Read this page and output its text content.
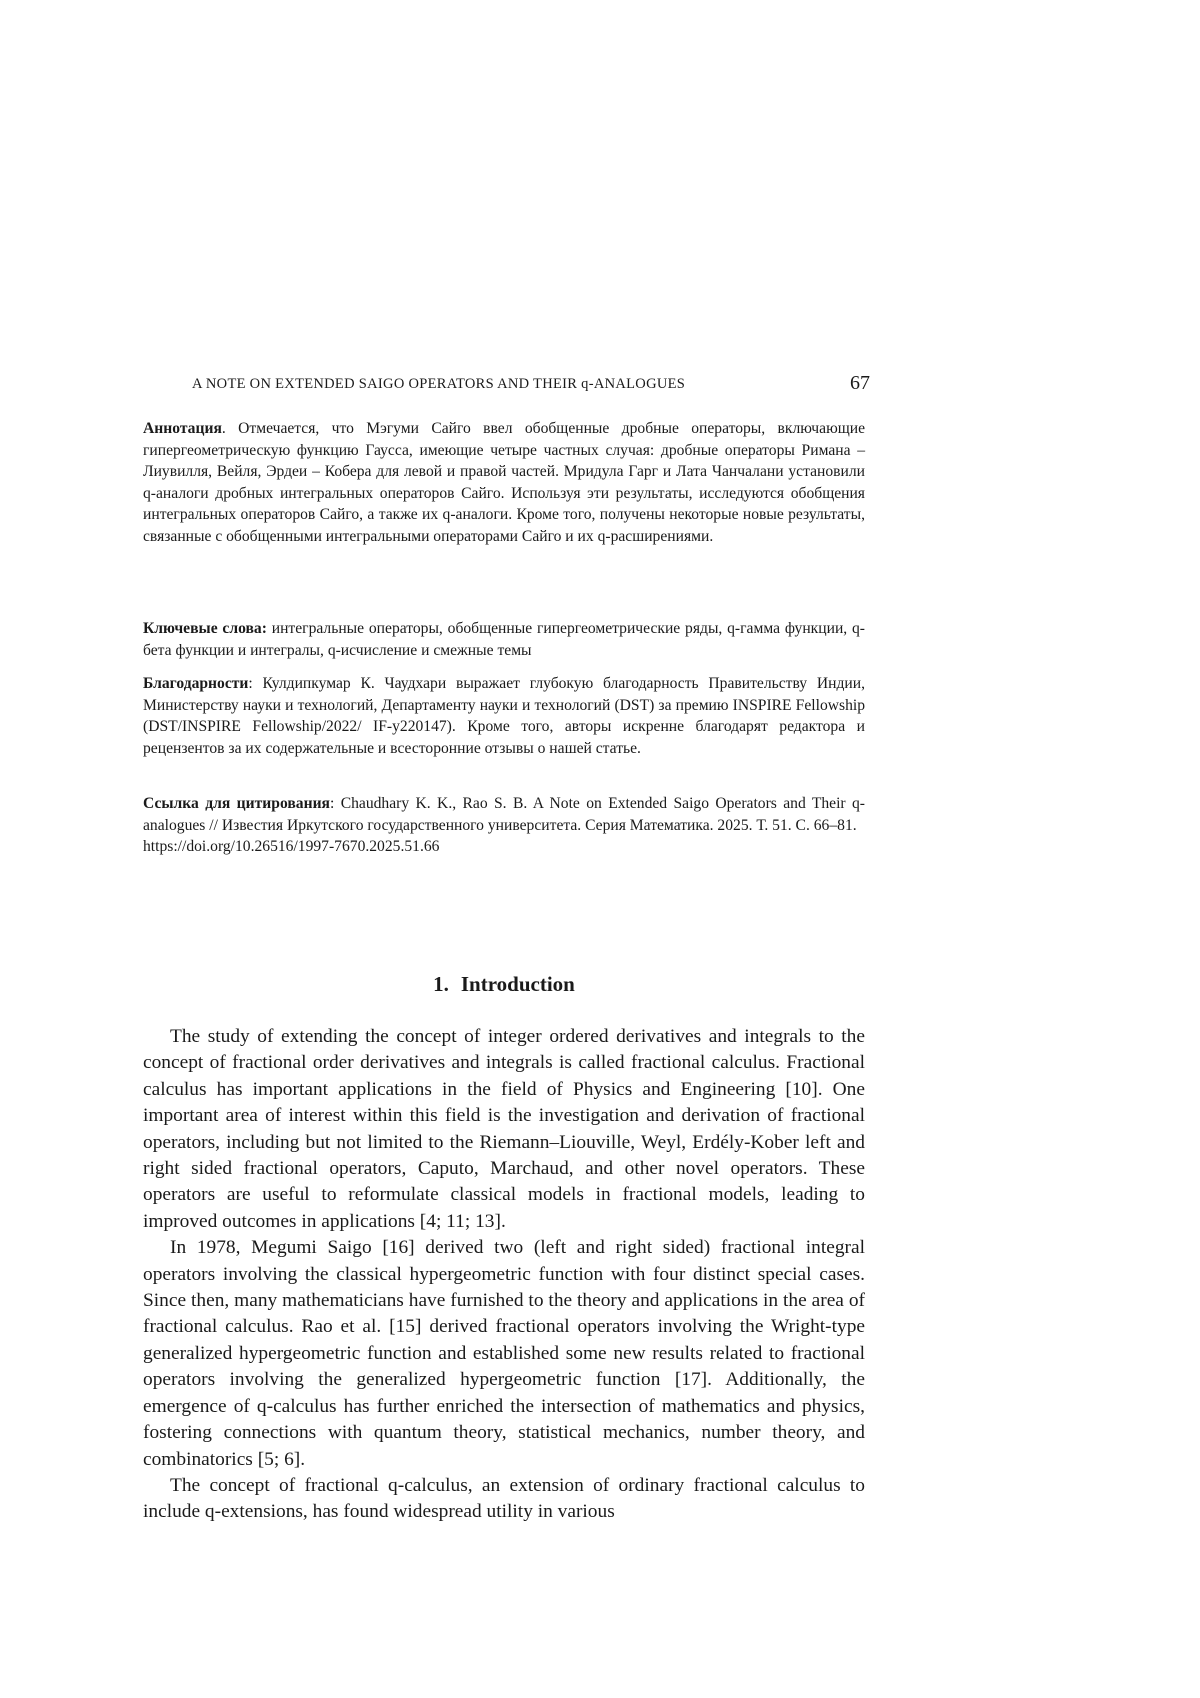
A NOTE ON EXTENDED SAIGO OPERATORS AND THEIR q-ANALOGUES	67

Аннотация. Отмечается, что Мэгуми Сайго ввел обобщенные дробные операторы, включающие гипергеометрическую функцию Гаусса, имеющие четыре частных случая: дробные операторы Римана – Лиувилля, Вейля, Эрдеи – Кобера для левой и правой частей. Мридула Гарг и Лата Чанчалани установили q-аналоги дробных интегральных операторов Сайго. Используя эти результаты, исследуются обобщения интегральных операторов Сайго, а также их q-аналоги. Кроме того, получены некоторые новые результаты, связанные с обобщенными интегральными операторами Сайго и их q-расширениями.

Ключевые слова: интегральные операторы, обобщенные гипергеометрические ряды, q-гамма функции, q-бета функции и интегралы, q-исчисление и смежные темы

Благодарности: Кулдипкумар К. Чаудхари выражает глубокую благодарность Правительству Индии, Министерству науки и технологий, Департаменту науки и технологий (DST) за премию INSPIRE Fellowship (DST/INSPIRE Fellowship/2022/ IF-y220147). Кроме того, авторы искренне благодарят редактора и рецензентов за их содержательные и всесторонние отзывы о нашей статье.

Ссылка для цитирования: Chaudhary K. K., Rao S. B. A Note on Extended Saigo Operators and Their q-analogues // Известия Иркутского государственного университета. Серия Математика. 2025. Т. 51. С. 66–81.
https://doi.org/10.26516/1997-7670.2025.51.66

1. Introduction

The study of extending the concept of integer ordered derivatives and integrals to the concept of fractional order derivatives and integrals is called fractional calculus. Fractional calculus has important applications in the field of Physics and Engineering [10]. One important area of interest within this field is the investigation and derivation of fractional operators, including but not limited to the Riemann–Liouville, Weyl, Erdély-Kober left and right sided fractional operators, Caputo, Marchaud, and other novel operators. These operators are useful to reformulate classical models in fractional models, leading to improved outcomes in applications [4; 11; 13].

In 1978, Megumi Saigo [16] derived two (left and right sided) fractional integral operators involving the classical hypergeometric function with four distinct special cases. Since then, many mathematicians have furnished to the theory and applications in the area of fractional calculus. Rao et al. [15] derived fractional operators involving the Wright-type generalized hypergeometric function and established some new results related to fractional operators involving the generalized hypergeometric function [17]. Additionally, the emergence of q-calculus has further enriched the intersection of mathematics and physics, fostering connections with quantum theory, statistical mechanics, number theory, and combinatorics [5; 6].

The concept of fractional q-calculus, an extension of ordinary fractional calculus to include q-extensions, has found widespread utility in various
